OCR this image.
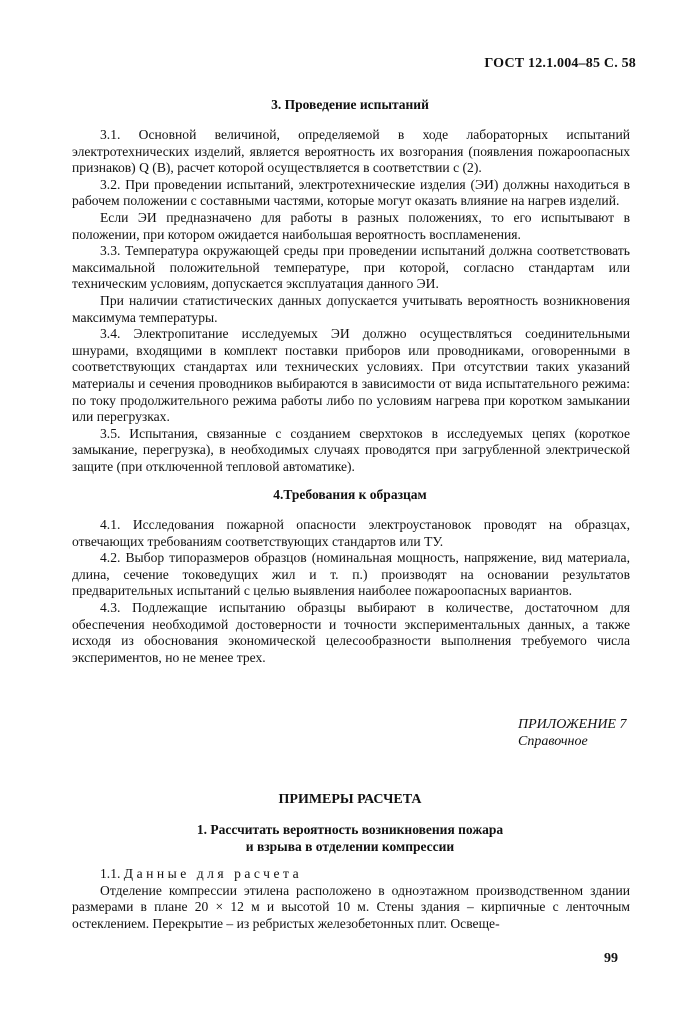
ГОСТ 12.1.004–85 С. 58
3. Проведение испытаний

3.1. Основной величиной, определяемой в ходе лабораторных испытаний электротехнических изделий, является вероятность их возгорания (появления пожароопасных признаков) Q (В), расчет которой осуществляется в соответствии с (2).

3.2. При проведении испытаний, электротехнические изделия (ЭИ) должны находиться в рабочем положении с составными частями, которые могут оказать влияние на нагрев изделий.

Если ЭИ предназначено для работы в разных положениях, то его испытывают в положении, при котором ожидается наибольшая вероятность воспламенения.

3.3. Температура окружающей среды при проведении испытаний должна соответствовать максимальной положительной температуре, при которой, согласно стандартам или техническим условиям, допускается эксплуатация данного ЭИ.

При наличии статистических данных допускается учитывать вероятность возникновения максимума температуры.

3.4. Электропитание исследуемых ЭИ должно осуществляться соединительными шнурами, входящими в комплект поставки приборов или проводниками, оговоренными в соответствующих стандартах или технических условиях. При отсутствии таких указаний материалы и сечения проводников выбираются в зависимости от вида испытательного режима: по току продолжительного режима работы либо по условиям нагрева при коротком замыкании или перегрузках.

3.5. Испытания, связанные с созданием сверхтоков в исследуемых цепях (короткое замыкание, перегрузка), в необходимых случаях проводятся при загрубленной электрической защите (при отключенной тепловой автоматике).

4.Требования к образцам

4.1. Исследования пожарной опасности электроустановок проводят на образцах, отвечающих требованиям соответствующих стандартов или ТУ.

4.2. Выбор типоразмеров образцов (номинальная мощность, напряжение, вид материала, длина, сечение токоведущих жил и т. п.) производят на основании результатов предварительных испытаний с целью выявления наиболее пожароопасных вариантов.

4.3. Подлежащие испытанию образцы выбирают в количестве, достаточном для обеспечения необходимой достоверности и точности экспериментальных данных, а также исходя из обоснования экономической целесообразности выполнения требуемого числа экспериментов, но не менее трех.

ПРИЛОЖЕНИЕ 7
Справочное
ПРИМЕРЫ РАСЧЕТА
1. Рассчитать вероятность возникновения пожара
и взрыва в отделении компрессии

1.1. Данные для расчета

Отделение компрессии этилена расположено в одноэтажном производственном здании размерами в плане 20 × 12 м и высотой 10 м. Стены здания – кирпичные с ленточным остеклением. Перекрытие – из ребристых железобетонных плит. Освеще-

99
